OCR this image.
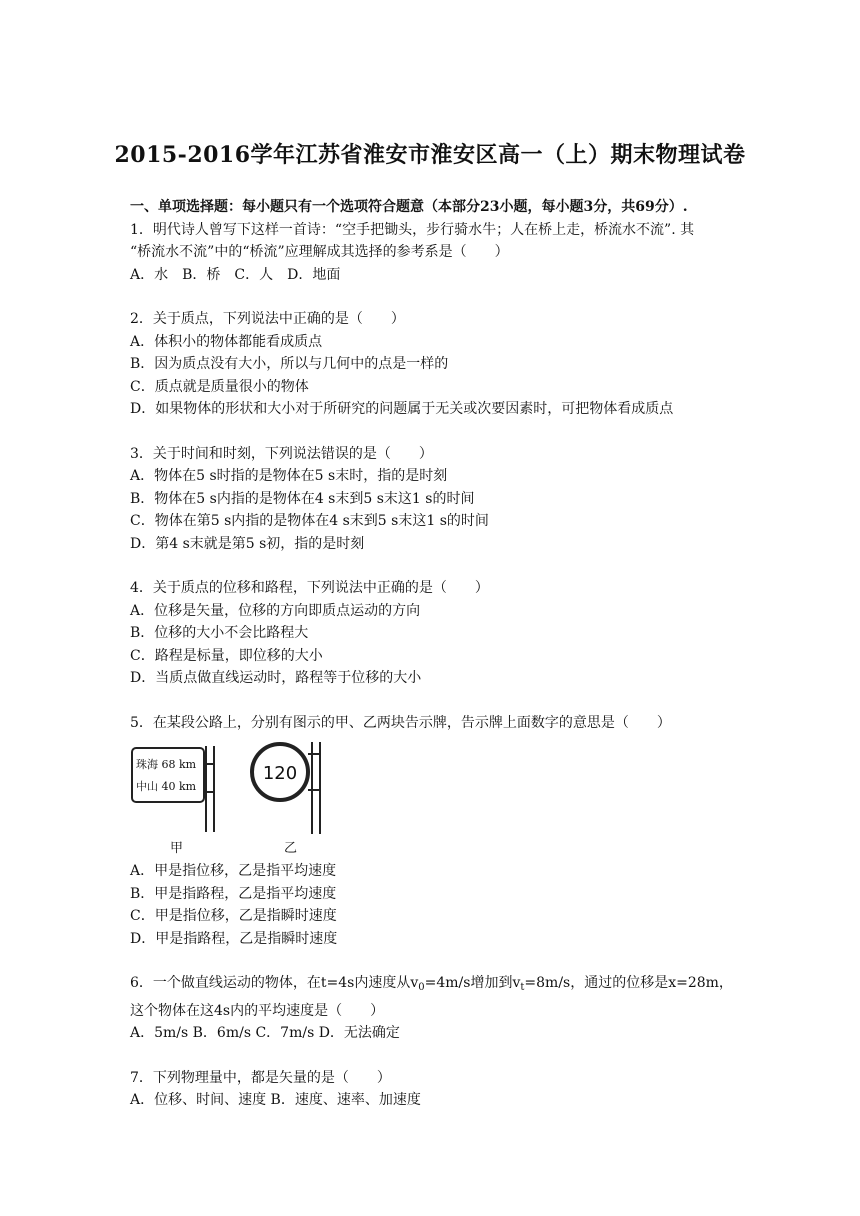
2015-2016学年江苏省淮安市淮安区高一（上）期末物理试卷
一、单项选择题：每小题只有一个选项符合题意（本部分23小题，每小题3分，共69分）.
1．明代诗人曾写下这样一首诗：“空手把锄头，步行骑水牛；人在桥上走，桥流水不流”. 其
“桥流水不流”中的“桥流”应理解成其选择的参考系是（　　）
A．水　B．桥　C．人　D．地面
2．关于质点，下列说法中正确的是（　　）
A．体积小的物体都能看成质点
B．因为质点没有大小，所以与几何中的点是一样的
C．质点就是质量很小的物体
D．如果物体的形状和大小对于所研究的问题属于无关或次要因素时，可把物体看成质点
3．关于时间和时刻，下列说法错误的是（　　）
A．物体在5 s时指的是物体在5 s末时，指的是时刻
B．物体在5 s内指的是物体在4 s末到5 s末这1 s的时间
C．物体在第5 s内指的是物体在4 s末到5 s末这1 s的时间
D．第4 s末就是第5 s初，指的是时刻
4．关于质点的位移和路程，下列说法中正确的是（　　）
A．位移是矢量，位移的方向即质点运动的方向
B．位移的大小不会比路程大
C．路程是标量，即位移的大小
D．当质点做直线运动时，路程等于位移的大小
5．在某段公路上，分别有图示的甲、乙两块告示牌，告示牌上面数字的意思是（　　）
珠海 68 km
中山 40 km
120
甲	乙
A．甲是指位移，乙是指平均速度
B．甲是指路程，乙是指平均速度
C．甲是指位移，乙是指瞬时速度
D．甲是指路程，乙是指瞬时速度
6．一个做直线运动的物体，在t=4s内速度从$v_0=4m/s$增加到$v_t=8m/s$，通过的位移是x=28m，
这个物体在这4s内的平均速度是（　　）
A．5m/s B．6m/s C．7m/s D．无法确定
7．下列物理量中，都是矢量的是（　　）
A．位移、时间、速度 B．速度、速率、加速度
